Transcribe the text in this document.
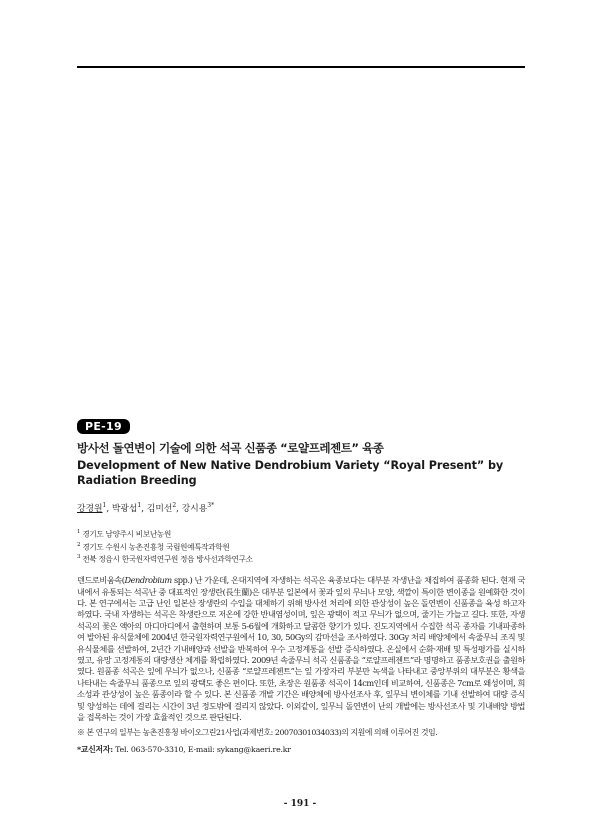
PE-19
방사선 돌연변이 기술에 의한 석곡 신품종 “로얄프레젠트” 육종
Development of New Native Dendrobium Variety “Royal Present” by Radiation Breeding
강경원$^1$, 박광섭$^1$, 김미선$^2$, 강시용$^{3*}$
$^1$ 경기도 남양주시 비보난농원
$^2$ 경기도 수원시 농촌진흥청 국립원예특작과학원
$^3$ 전북 정읍시 한국원자력연구원 정읍 방사선과학연구소
덴드로비움속(Dendrobium spp.) 난 가운데, 온대지역에 자생하는 석곡은 육종보다는 대부분 자생난을 채집하여 품종화 된다. 현재 국내에서 유통되는 석곡난 중 대표적인 장생란(長生蘭)은 대부분 일본에서 꽃과 잎의 무늬나 모양, 색깔이 특이한 변이종을 원예화한 것이다. 본 연구에서는 고급 난인 일본산 장생란의 수입을 대체하기 위해 방사선 처리에 의한 관상성이 높은 돌연변이 신품종을 육성 하고자 하였다. 국내 자생하는 석곡은 착생란으로 저온에 강한 반내염성이며, 잎은 광택이 적고 무늬가 없으며, 줄기는 가늘고 길다. 또한, 자생 석곡의 꽃은 액아의 마디마디에서 출현하며 보통 5-6월에 개화하고 달콤한 향기가 있다. 진도지역에서 수집한 석곡 종자를 기내파종하여 발아된 유식물체에 2004년 한국원자력연구원에서 10, 30, 50Gy의 감마선을 조사하였다. 30Gy 처리 배양체에서 속줄무늬 조직 및 유식물체를 선발하여, 2년간 기내배양과 선발을 반복하여 우수 고정계통을 선발 증식하였다. 온실에서 순화·재배 및 특성평가를 실시하였고, 유망 고정계통의 대량생산 체계를 확립하였다. 2009년 속줄무늬 석곡 신품종을 “로얄프레젠트”라 명명하고 품종보호권을 출원하였다. 원품종 석곡은 잎에 무늬가 없으나, 신품종 “로얄프레젠트”는 잎 가장자리 부분만 녹색을 나타내고 중앙부위의 대부분은 황색을 나타내는 속줄무늬 품종으로 잎의 광택도 좋은 편이다. 또한, 초장은 원품종 석곡이 14cm인데 비교하여, 신품종은 7cm로 왜성이며, 희소성과 관상성이 높은 품종이라 할 수 있다. 본 신품종 개발 기간은 배양체에 방사선조사 후, 잎무늬 변이체를 기내 선발하여 대량 증식 및 양성하는 데에 걸리는 시간이 3년 정도밖에 걸리지 않았다. 이외같이, 잎무늬 돌연변이 난의 개발에는 방사선조사 및 기내배양 방법을 접목하는 것이 가장 효율적인 것으로 판단된다.
※ 본 연구의 일부는 농촌진흥청 바이오그린21사업(과제번호: 20070301034033)의 지원에 의해 이루어진 것임.
*교신저자: Tel. 063-570-3310, E-mail: sykang@kaeri.re.kr
- 191 -
